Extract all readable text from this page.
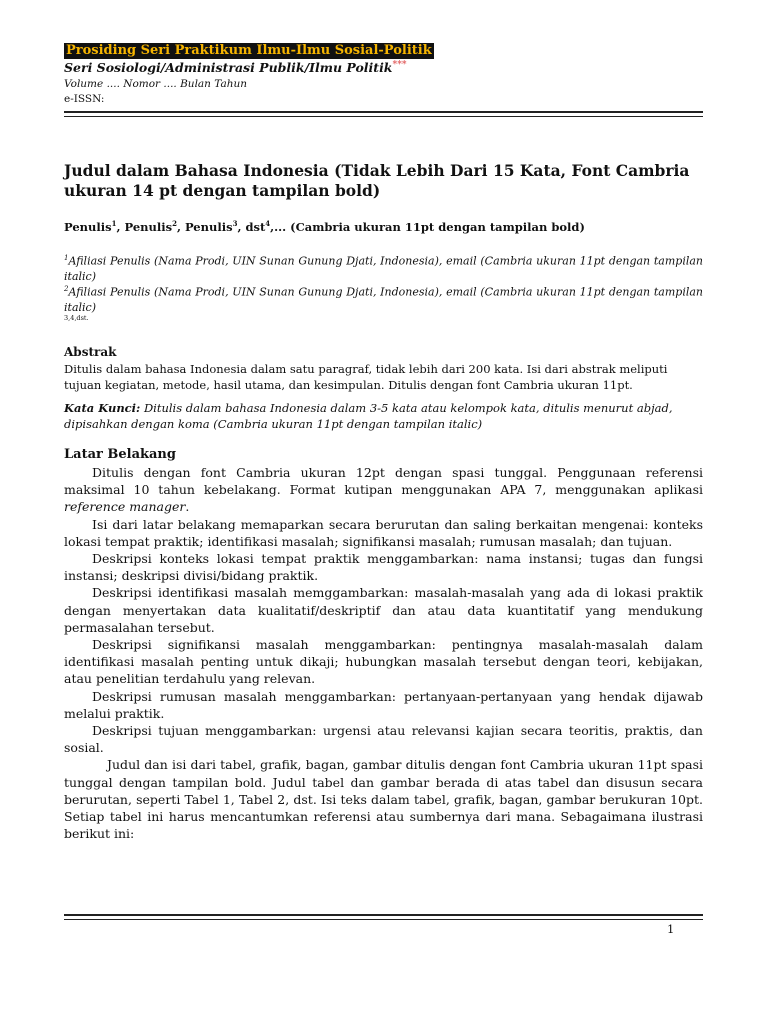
Prosiding Seri Praktikum Ilmu-Ilmu Sosial-Politik
Seri Sosiologi/Administrasi Publik/Ilmu Politik***
Volume .... Nomor .... Bulan Tahun
e-ISSN:
Judul dalam Bahasa Indonesia (Tidak Lebih Dari 15 Kata, Font Cambria ukuran 14 pt dengan tampilan bold)
Penulis$^1$, Penulis$^2$, Penulis$^3$, dst$^4$,... (Cambria ukuran 11pt dengan tampilan bold)
$^1$Afiliasi Penulis (Nama Prodi, UIN Sunan Gunung Djati, Indonesia), email (Cambria ukuran 11pt dengan tampilan italic)
$^2$Afiliasi Penulis (Nama Prodi, UIN Sunan Gunung Djati, Indonesia), email (Cambria ukuran 11pt dengan tampilan italic)
3,4,dst.
Abstrak
Ditulis dalam bahasa Indonesia dalam satu paragraf, tidak lebih dari 200 kata. Isi dari abstrak meliputi tujuan kegiatan, metode, hasil utama, dan kesimpulan. Ditulis dengan font Cambria ukuran 11pt.
Kata Kunci: Ditulis dalam bahasa Indonesia dalam 3-5 kata atau kelompok kata, ditulis menurut abjad, dipisahkan dengan koma (Cambria ukuran 11pt dengan tampilan italic)
Latar Belakang

Ditulis dengan font Cambria ukuran 12pt dengan spasi tunggal. Penggunaan referensi maksimal 10 tahun kebelakang. Format kutipan menggunakan APA 7, menggunakan aplikasi reference manager.

Isi dari latar belakang memaparkan secara berurutan dan saling berkaitan mengenai: konteks lokasi tempat praktik; identifikasi masalah; signifikansi masalah; rumusan masalah; dan tujuan.

Deskripsi konteks lokasi tempat praktik menggambarkan: nama instansi; tugas dan fungsi instansi; deskripsi divisi/bidang praktik.

Deskripsi identifikasi masalah memggambarkan: masalah-masalah yang ada di lokasi praktik dengan menyertakan data kualitatif/deskriptif dan atau data kuantitatif yang mendukung permasalahan tersebut.

Deskripsi signifikansi masalah menggambarkan: pentingnya masalah-masalah dalam identifikasi masalah penting untuk dikaji; hubungkan masalah tersebut dengan teori, kebijakan, atau penelitian terdahulu yang relevan.

Deskripsi rumusan masalah menggambarkan: pertanyaan-pertanyaan yang hendak dijawab melalui praktik.

Deskripsi tujuan menggambarkan: urgensi atau relevansi kajian secara teoritis, praktis, dan sosial.

Judul dan isi dari tabel, grafik, bagan, gambar ditulis dengan font Cambria ukuran 11pt spasi tunggal dengan tampilan bold. Judul tabel dan gambar berada di atas tabel dan disusun secara berurutan, seperti Tabel 1, Tabel 2, dst. Isi teks dalam tabel, grafik, bagan, gambar berukuran 10pt. Setiap tabel ini harus mencantumkan referensi atau sumbernya dari mana. Sebagaimana ilustrasi berikut ini:

1
